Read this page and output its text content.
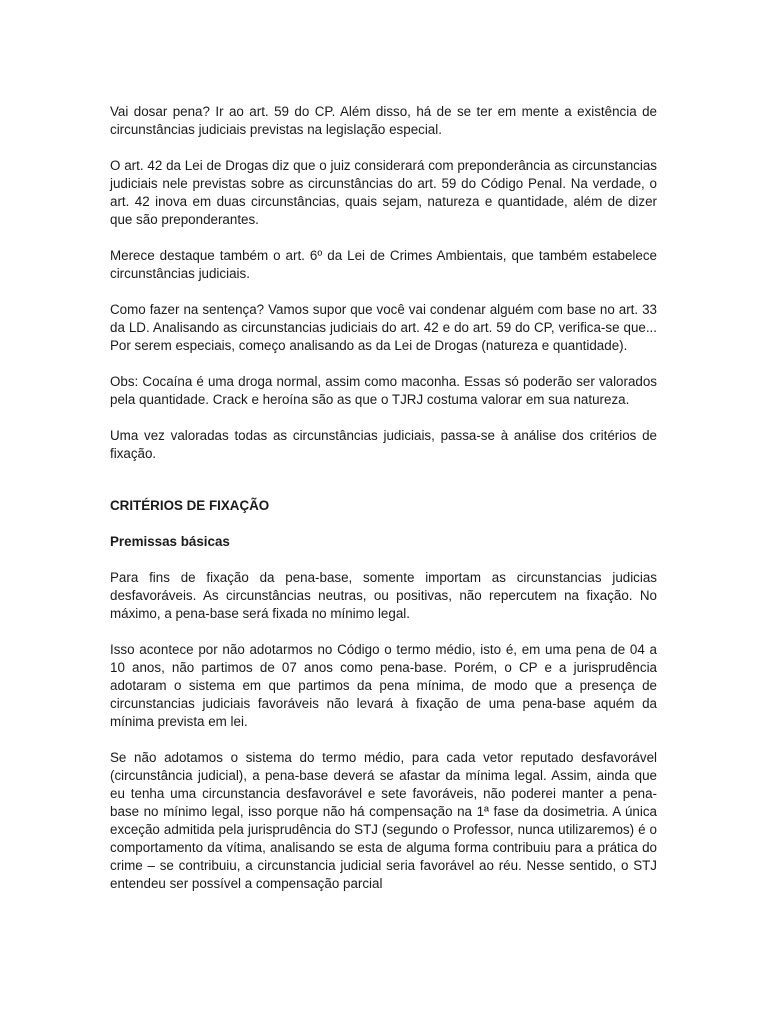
Vai dosar pena? Ir ao art. 59 do CP. Além disso, há de se ter em mente a existência de circunstâncias judiciais previstas na legislação especial.

O art. 42 da Lei de Drogas diz que o juiz considerará com preponderância as circunstancias judiciais nele previstas sobre as circunstâncias do art. 59 do Código Penal. Na verdade, o art. 42 inova em duas circunstâncias, quais sejam, natureza e quantidade, além de dizer que são preponderantes.

Merece destaque também o art. 6º da Lei de Crimes Ambientais, que também estabelece circunstâncias judiciais.

Como fazer na sentença? Vamos supor que você vai condenar alguém com base no art. 33 da LD. Analisando as circunstancias judiciais do art. 42 e do art. 59 do CP, verifica-se que... Por serem especiais, começo analisando as da Lei de Drogas (natureza e quantidade).

Obs: Cocaína é uma droga normal, assim como maconha. Essas só poderão ser valorados pela quantidade. Crack e heroína são as que o TJRJ costuma valorar em sua natureza.

Uma vez valoradas todas as circunstâncias judiciais, passa-se à análise dos critérios de fixação.

CRITÉRIOS DE FIXAÇÃO
Premissas básicas

Para fins de fixação da pena-base, somente importam as circunstancias judicias desfavoráveis. As circunstâncias neutras, ou positivas, não repercutem na fixação. No máximo, a pena-base será fixada no mínimo legal.

Isso acontece por não adotarmos no Código o termo médio, isto é, em uma pena de 04 a 10 anos, não partimos de 07 anos como pena-base. Porém, o CP e a jurisprudência adotaram o sistema em que partimos da pena mínima, de modo que a presença de circunstancias judiciais favoráveis não levará à fixação de uma pena-base aquém da mínima prevista em lei.

Se não adotamos o sistema do termo médio, para cada vetor reputado desfavorável (circunstância judicial), a pena-base deverá se afastar da mínima legal. Assim, ainda que eu tenha uma circunstancia desfavorável e sete favoráveis, não poderei manter a pena-base no mínimo legal, isso porque não há compensação na 1ª fase da dosimetria. A única exceção admitida pela jurisprudência do STJ (segundo o Professor, nunca utilizaremos) é o comportamento da vítima, analisando se esta de alguma forma contribuiu para a prática do crime – se contribuiu, a circunstancia judicial seria favorável ao réu. Nesse sentido, o STJ entendeu ser possível a compensação parcial
